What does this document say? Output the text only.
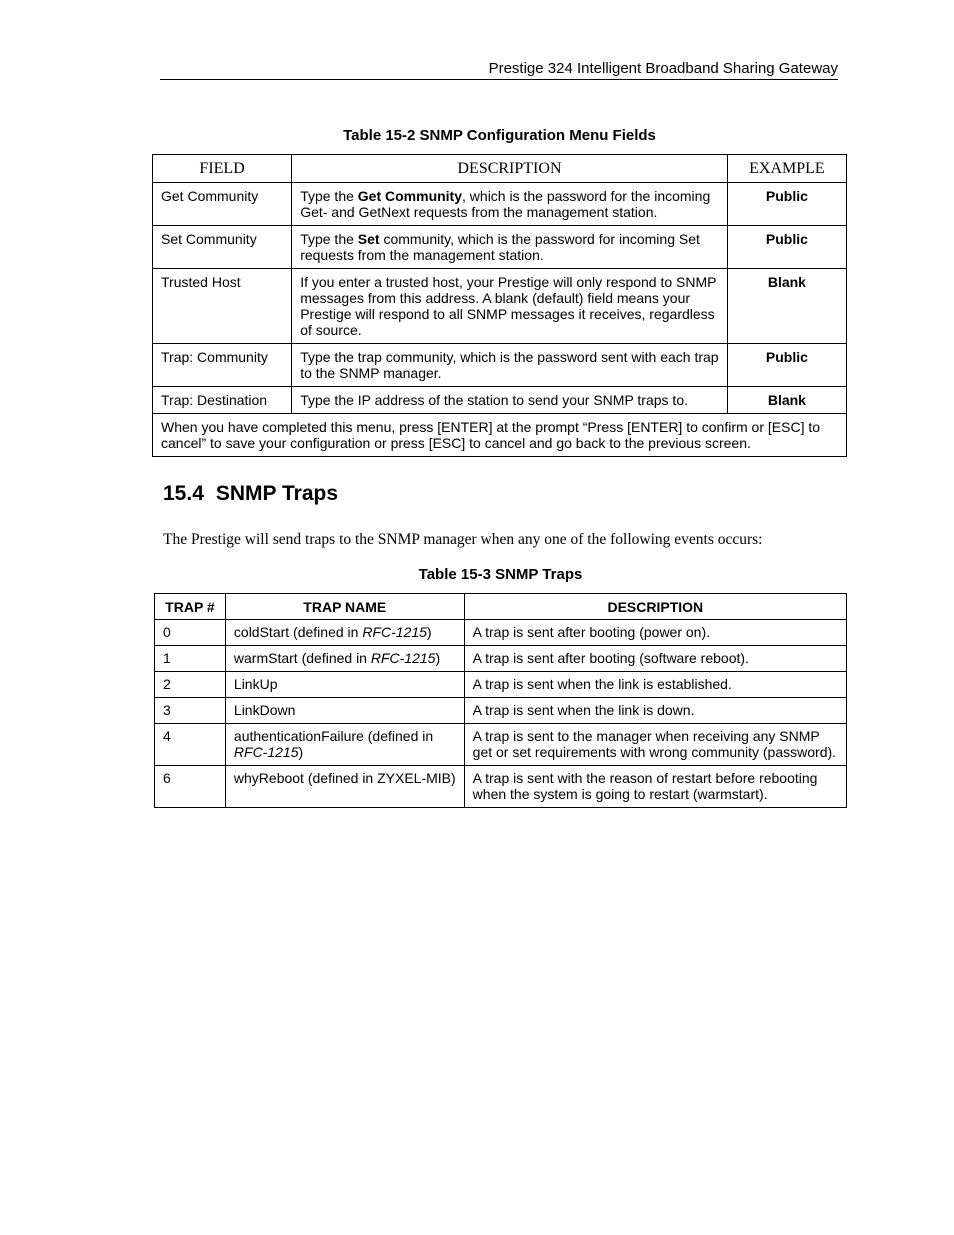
Prestige 324 Intelligent Broadband Sharing Gateway
Table 15-2 SNMP Configuration Menu Fields
FIELD	DESCRIPTION	EXAMPLE
Get Community	Type the Get Community, which is the password for the incoming Get- and GetNext requests from the management station.	Public
Set Community	Type the Set community, which is the password for incoming Set requests from the management station.	Public
Trusted Host	If you enter a trusted host, your Prestige will only respond to SNMP messages from this address. A blank (default) field means your Prestige will respond to all SNMP messages it receives, regardless of source.	Blank
Trap: Community	Type the trap community, which is the password sent with each trap to the SNMP manager.	Public
Trap: Destination	Type the IP address of the station to send your SNMP traps to.	Blank
When you have completed this menu, press [ENTER] at the prompt “Press [ENTER] to confirm or [ESC] to cancel” to save your configuration or press [ESC] to cancel and go back to the previous screen.		
15.4 SNMP Traps
The Prestige will send traps to the SNMP manager when any one of the following events occurs:
Table 15-3 SNMP Traps
TRAP #	TRAP NAME	DESCRIPTION
0	coldStart (defined in RFC-1215)	A trap is sent after booting (power on).
1	warmStart (defined in RFC-1215)	A trap is sent after booting (software reboot).
2	LinkUp	A trap is sent when the link is established.
3	LinkDown	A trap is sent when the link is down.
4	authenticationFailure (defined in RFC-1215)	A trap is sent to the manager when receiving any SNMP get or set requirements with wrong community (password).
6	whyReboot (defined in ZYXEL-MIB)	A trap is sent with the reason of restart before rebooting when the system is going to restart (warmstart).
